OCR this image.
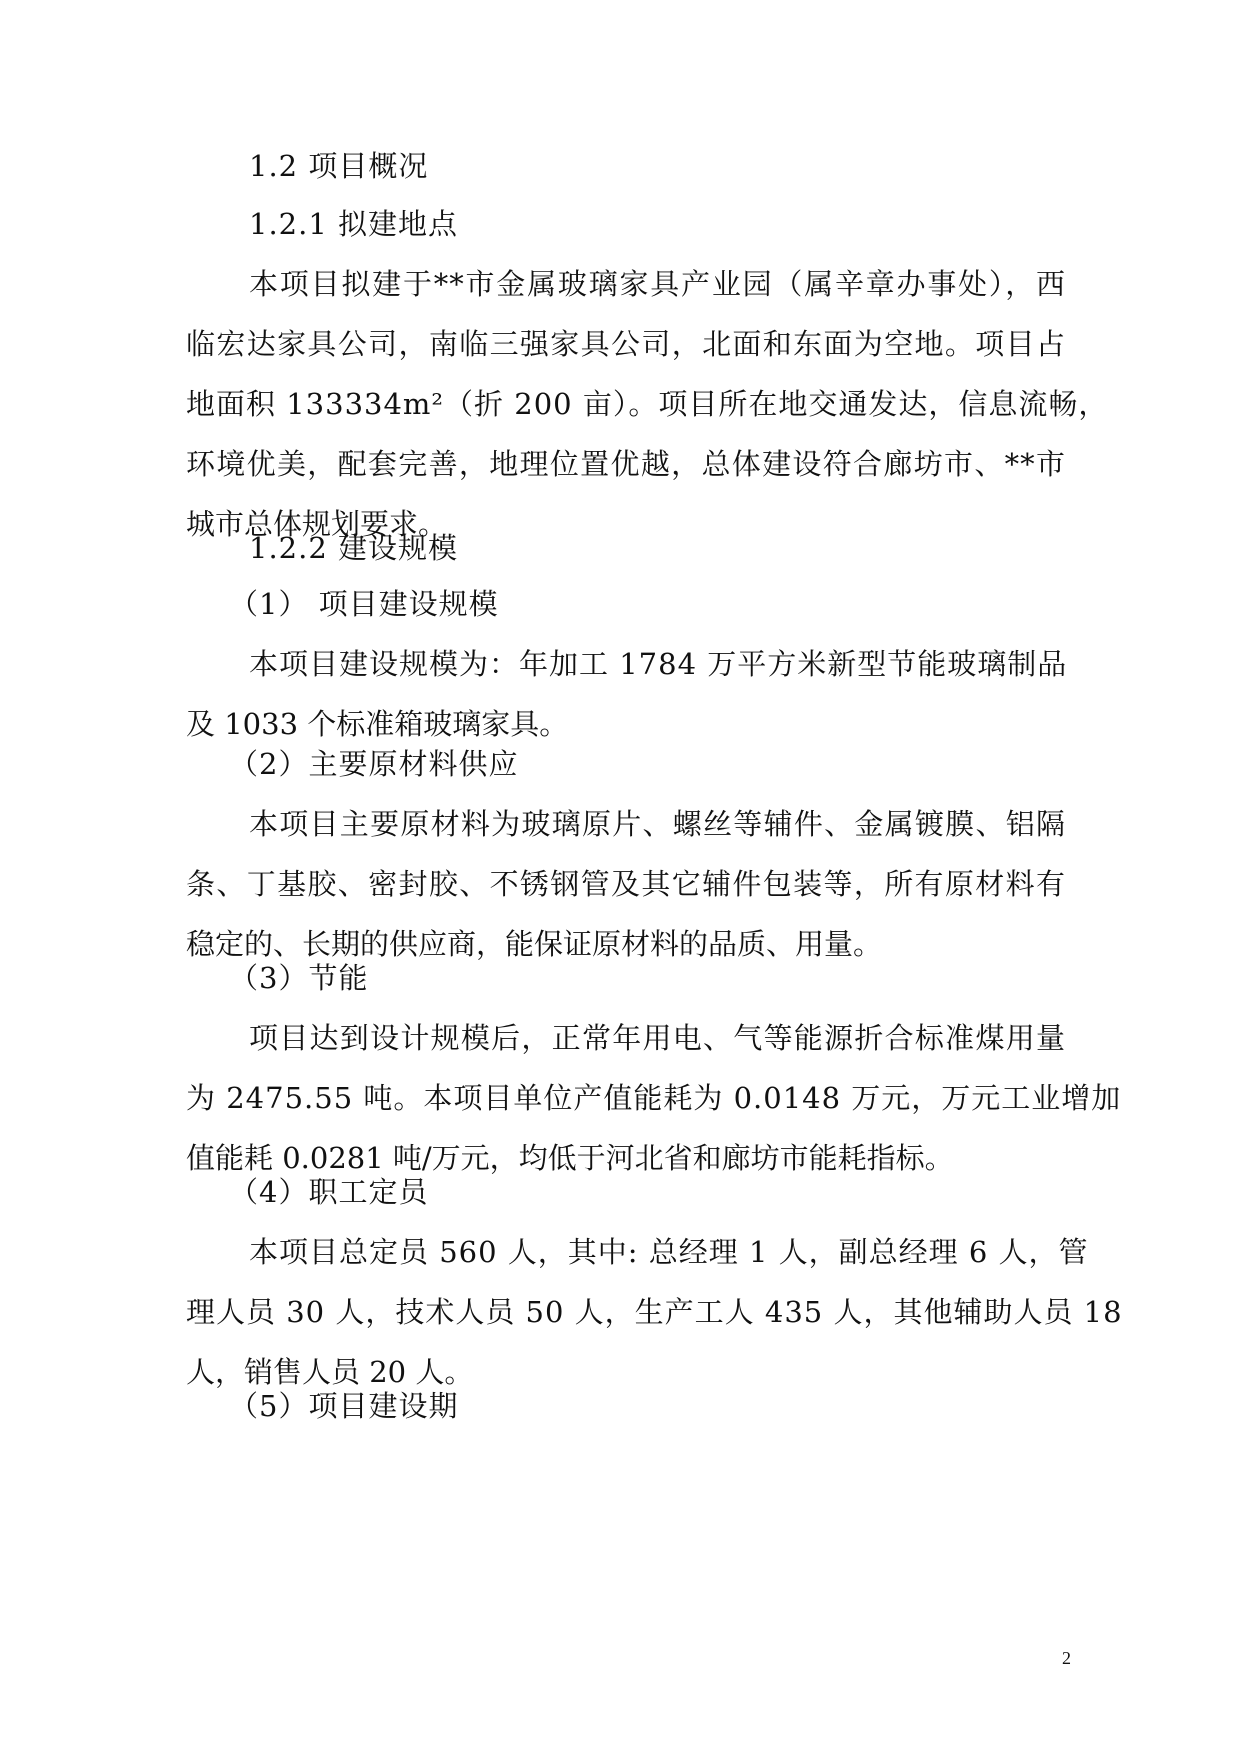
1.2 项目概况
1.2.1 拟建地点
本项目拟建于**市金属玻璃家具产业园（属辛章办事处），西
临宏达家具公司，南临三强家具公司，北面和东面为空地。项目占
地面积 133334m²（折 200 亩）。项目所在地交通发达，信息流畅，
环境优美，配套完善，地理位置优越，总体建设符合廊坊市、**市
城市总体规划要求。
1.2.2 建设规模
（1） 项目建设规模
本项目建设规模为：年加工 1784 万平方米新型节能玻璃制品
及 1033 个标准箱玻璃家具。
（2）主要原材料供应
本项目主要原材料为玻璃原片、螺丝等辅件、金属镀膜、铝隔
条、丁基胶、密封胶、不锈钢管及其它辅件包装等，所有原材料有
稳定的、长期的供应商，能保证原材料的品质、用量。
（3）节能
项目达到设计规模后，正常年用电、气等能源折合标准煤用量
为 2475.55 吨。本项目单位产值能耗为 0.0148 万元，万元工业增加
值能耗 0.0281 吨/万元，均低于河北省和廊坊市能耗指标。
（4）职工定员
本项目总定员 560 人，其中: 总经理 1 人，副总经理 6 人，管
理人员 30 人，技术人员 50 人，生产工人 435 人，其他辅助人员 18
人，销售人员 20 人。
（5）项目建设期
2
